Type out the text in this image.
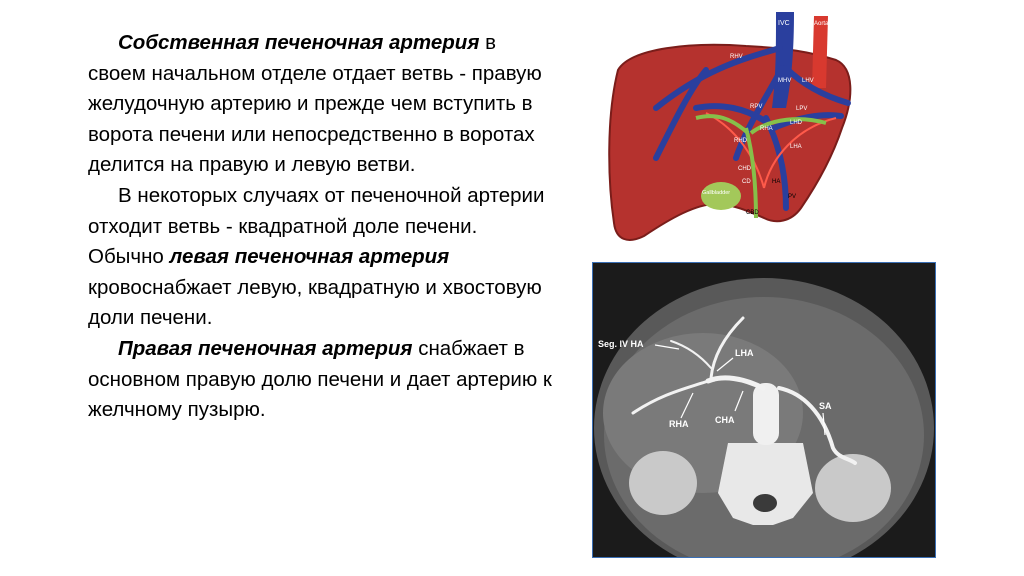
Собственная печеночная артерия в своем начальном отделе отдает ветвь - правую желудочную артерию и прежде чем вступить в ворота печени или непосредственно в воротах делится на правую и левую ветви.

В некоторых случаях от печеночной артерии отходит ветвь - квадратной доле печени. Обычно левая печеночная артерия кровоснабжает левую, квадратную и хвостовую доли печени.

Правая печеночная артерия снабжает в основном правую долю печени и дает артерию к желчному пузырю.

IVC	Aorta
RHV
MHV LHV
RPV	LPV
LHD
RHA
RHD
LHA
CHD
CD	HA
PV
Gallbladder
CBD
Seg. IV HA
LHA
RHA	CHA
SA
